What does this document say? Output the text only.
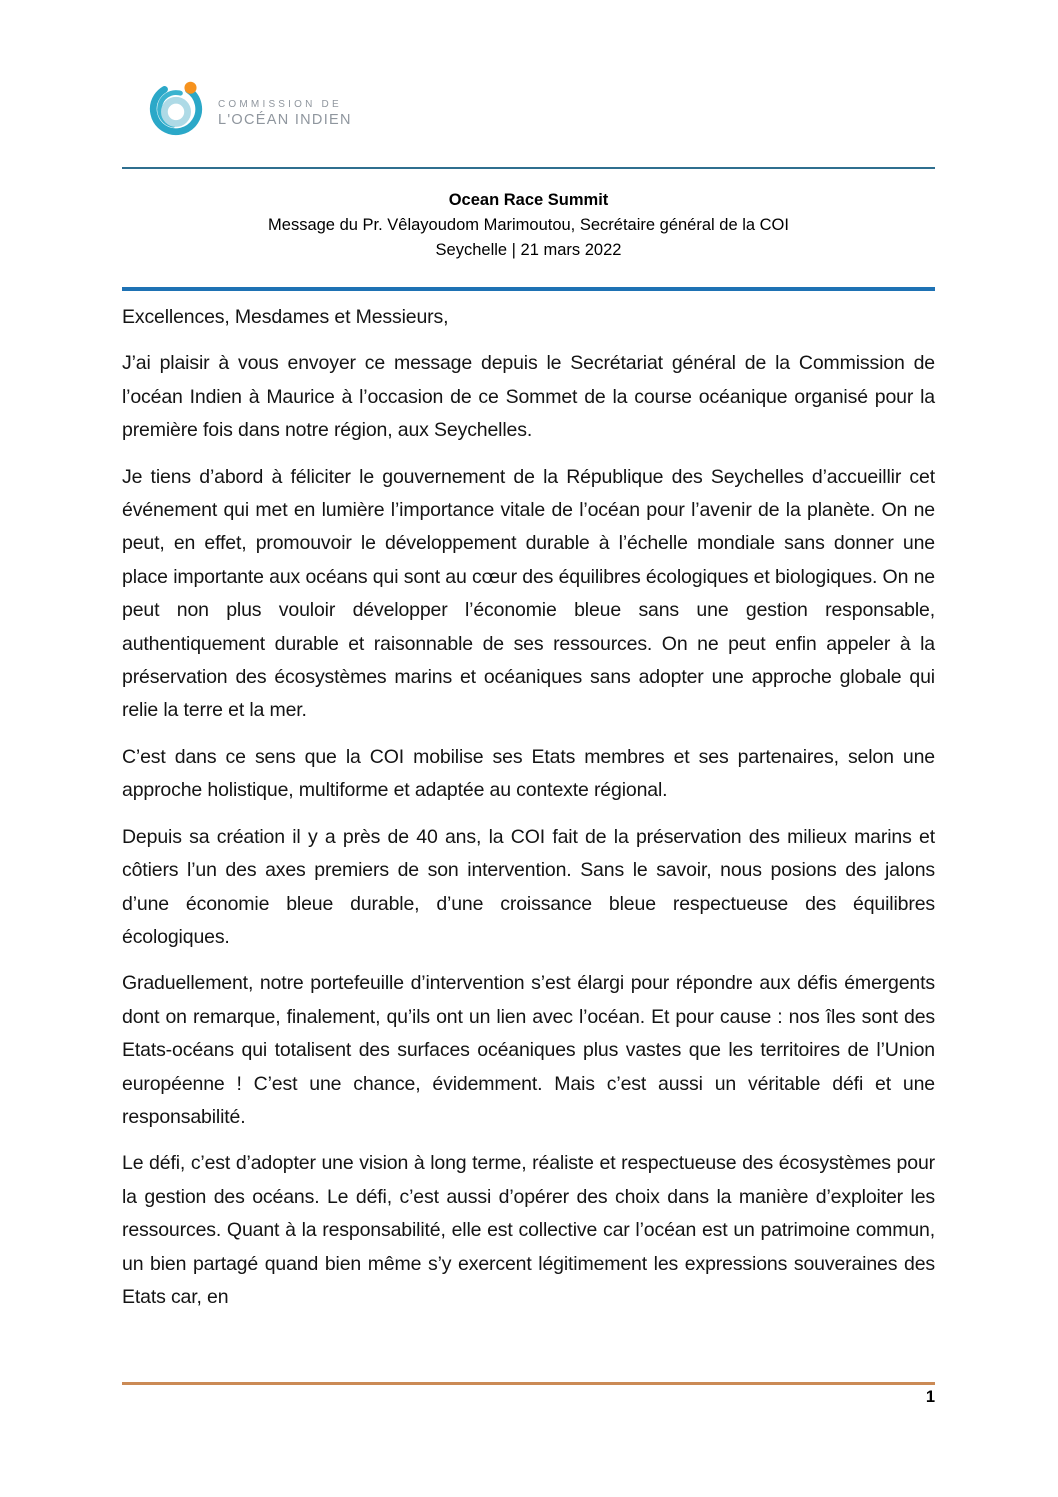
COMMISSION DE
L'OCÉAN INDIEN
Ocean Race Summit
Message du Pr. Vêlayoudom Marimoutou, Secrétaire général de la COI
Seychelle | 21 mars 2022

Excellences, Mesdames et Messieurs,

J’ai plaisir à vous envoyer ce message depuis le Secrétariat général de la Commission de l’océan Indien à Maurice à l’occasion de ce Sommet de la course océanique organisé pour la première fois dans notre région, aux Seychelles.

Je tiens d’abord à féliciter le gouvernement de la République des Seychelles d’accueillir cet événement qui met en lumière l’importance vitale de l’océan pour l’avenir de la planète. On ne peut, en effet, promouvoir le développement durable à l’échelle mondiale sans donner une place importante aux océans qui sont au cœur des équilibres écologiques et biologiques. On ne peut non plus vouloir développer l’économie bleue sans une gestion responsable, authentiquement durable et raisonnable de ses ressources. On ne peut enfin appeler à la préservation des écosystèmes marins et océaniques sans adopter une approche globale qui relie la terre et la mer.

C’est dans ce sens que la COI mobilise ses Etats membres et ses partenaires, selon une approche holistique, multiforme et adaptée au contexte régional.

Depuis sa création il y a près de 40 ans, la COI fait de la préservation des milieux marins et côtiers l’un des axes premiers de son intervention. Sans le savoir, nous posions des jalons d’une économie bleue durable, d’une croissance bleue respectueuse des équilibres écologiques.

Graduellement, notre portefeuille d’intervention s’est élargi pour répondre aux défis émergents dont on remarque, finalement, qu’ils ont un lien avec l’océan. Et pour cause : nos îles sont des Etats-océans qui totalisent des surfaces océaniques plus vastes que les territoires de l’Union européenne ! C’est une chance, évidemment. Mais c’est aussi un véritable défi et une responsabilité.

Le défi, c’est d’adopter une vision à long terme, réaliste et respectueuse des écosystèmes pour la gestion des océans. Le défi, c’est aussi d’opérer des choix dans la manière d’exploiter les ressources. Quant à la responsabilité, elle est collective car l’océan est un patrimoine commun, un bien partagé quand bien même s’y exercent légitimement les expressions souveraines des Etats car, en

1
